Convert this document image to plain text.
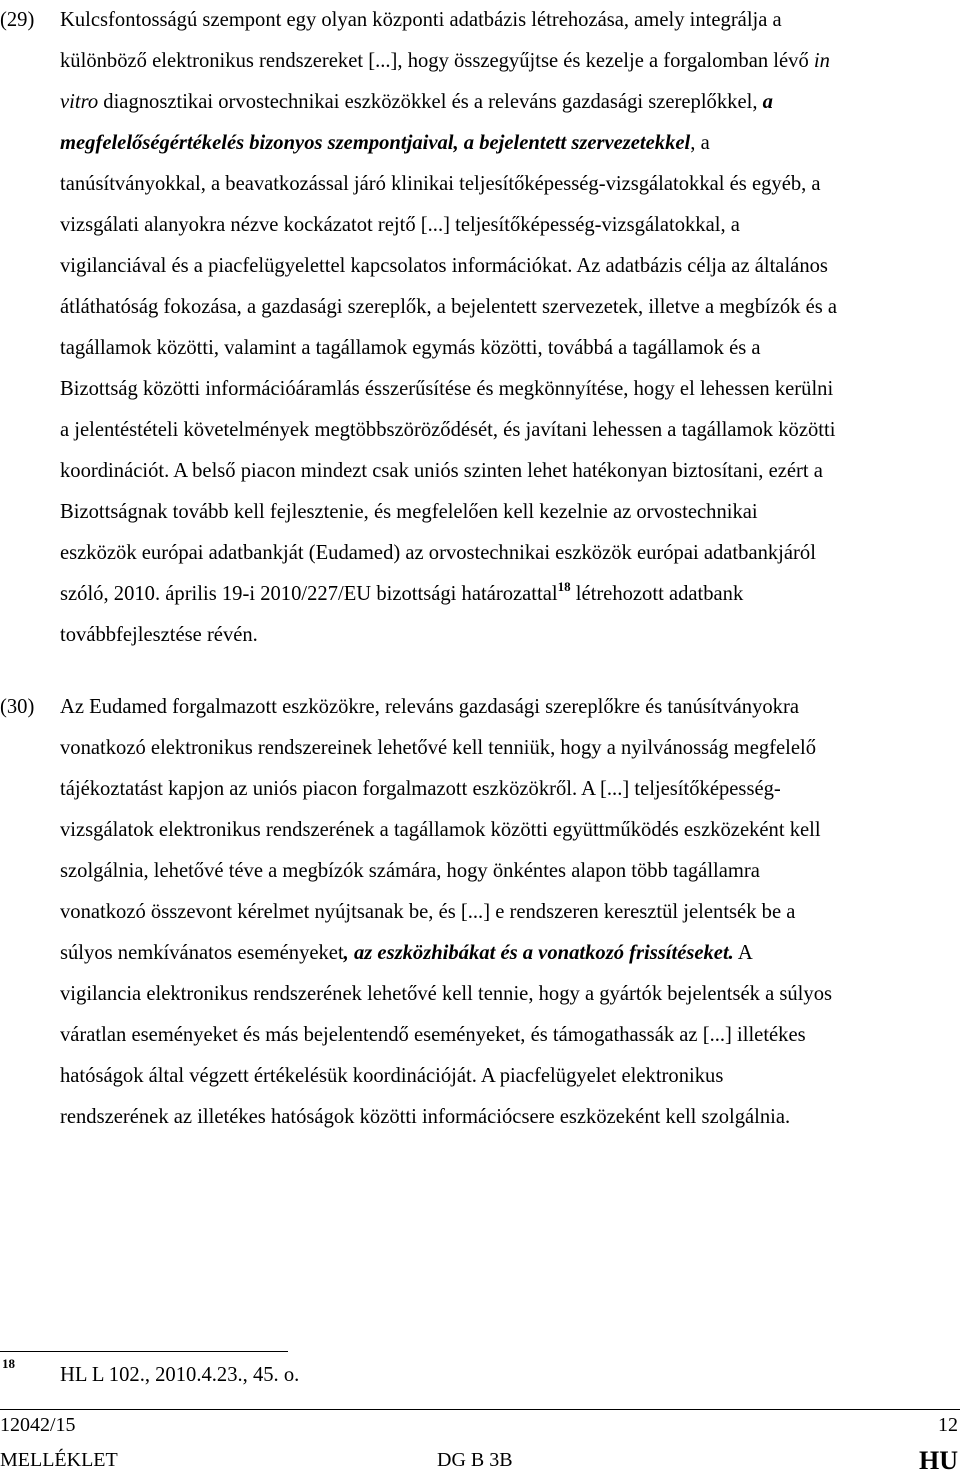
(29) Kulcsfontosságú szempont egy olyan központi adatbázis létrehozása, amely integrálja a
különböző elektronikus rendszereket [...], hogy összegyűjtse és kezelje a forgalomban lévő in
vitro diagnosztikai orvostechnikai eszközökkel és a releváns gazdasági szereplőkkel, a
megfelelőségértékelés bizonyos szempontjaival, a bejelentett szervezetekkel, a
tanúsítványokkal, a beavatkozással járó klinikai teljesítőképesség-vizsgálatokkal és egyéb, a
vizsgálati alanyokra nézve kockázatot rejtő [...] teljesítőképesség-vizsgálatokkal, a
vigilanciával és a piacfelügyelettel kapcsolatos információkat. Az adatbázis célja az általános
átláthatóság fokozása, a gazdasági szereplők, a bejelentett szervezetek, illetve a megbízók és a
tagállamok közötti, valamint a tagállamok egymás közötti, továbbá a tagállamok és a
Bizottság közötti információáramlás ésszerűsítése és megkönnyítése, hogy el lehessen kerülni
a jelentéstételi követelmények megtöbbszöröződését, és javítani lehessen a tagállamok közötti
koordinációt. A belső piacon mindezt csak uniós szinten lehet hatékonyan biztosítani, ezért a
Bizottságnak tovább kell fejlesztenie, és megfelelően kell kezelnie az orvostechnikai
eszközök európai adatbankját (Eudamed) az orvostechnikai eszközök európai adatbankjáról
szóló, 2010. április 19-i 2010/227/EU bizottsági határozattal$^{18}$ létrehozott adatbank
továbbfejlesztése révén.
(30) Az Eudamed forgalmazott eszközökre, releváns gazdasági szereplőkre és tanúsítványokra
vonatkozó elektronikus rendszereinek lehetővé kell tenniük, hogy a nyilvánosság megfelelő
tájékoztatást kapjon az uniós piacon forgalmazott eszközökről. A [...] teljesítőképesség-
vizsgálatok elektronikus rendszerének a tagállamok közötti együttműködés eszközeként kell
szolgálnia, lehetővé téve a megbízók számára, hogy önkéntes alapon több tagállamra
vonatkozó összevont kérelmet nyújtsanak be, és [...] e rendszeren keresztül jelentsék be a
súlyos nemkívánatos eseményeket, az eszközhibákat és a vonatkozó frissítéseket. A
vigilancia elektronikus rendszerének lehetővé kell tennie, hogy a gyártók bejelentsék a súlyos
váratlan eseményeket és más bejelentendő eseményeket, és támogathassák az [...] illetékes
hatóságok által végzett értékelésük koordinációját. A piacfelügyelet elektronikus
rendszerének az illetékes hatóságok közötti információcsere eszközeként kell szolgálnia.
18
HL L 102., 2010.4.23., 45. o.
12042/15	12
MELLÉKLET	DG B 3B	HU
